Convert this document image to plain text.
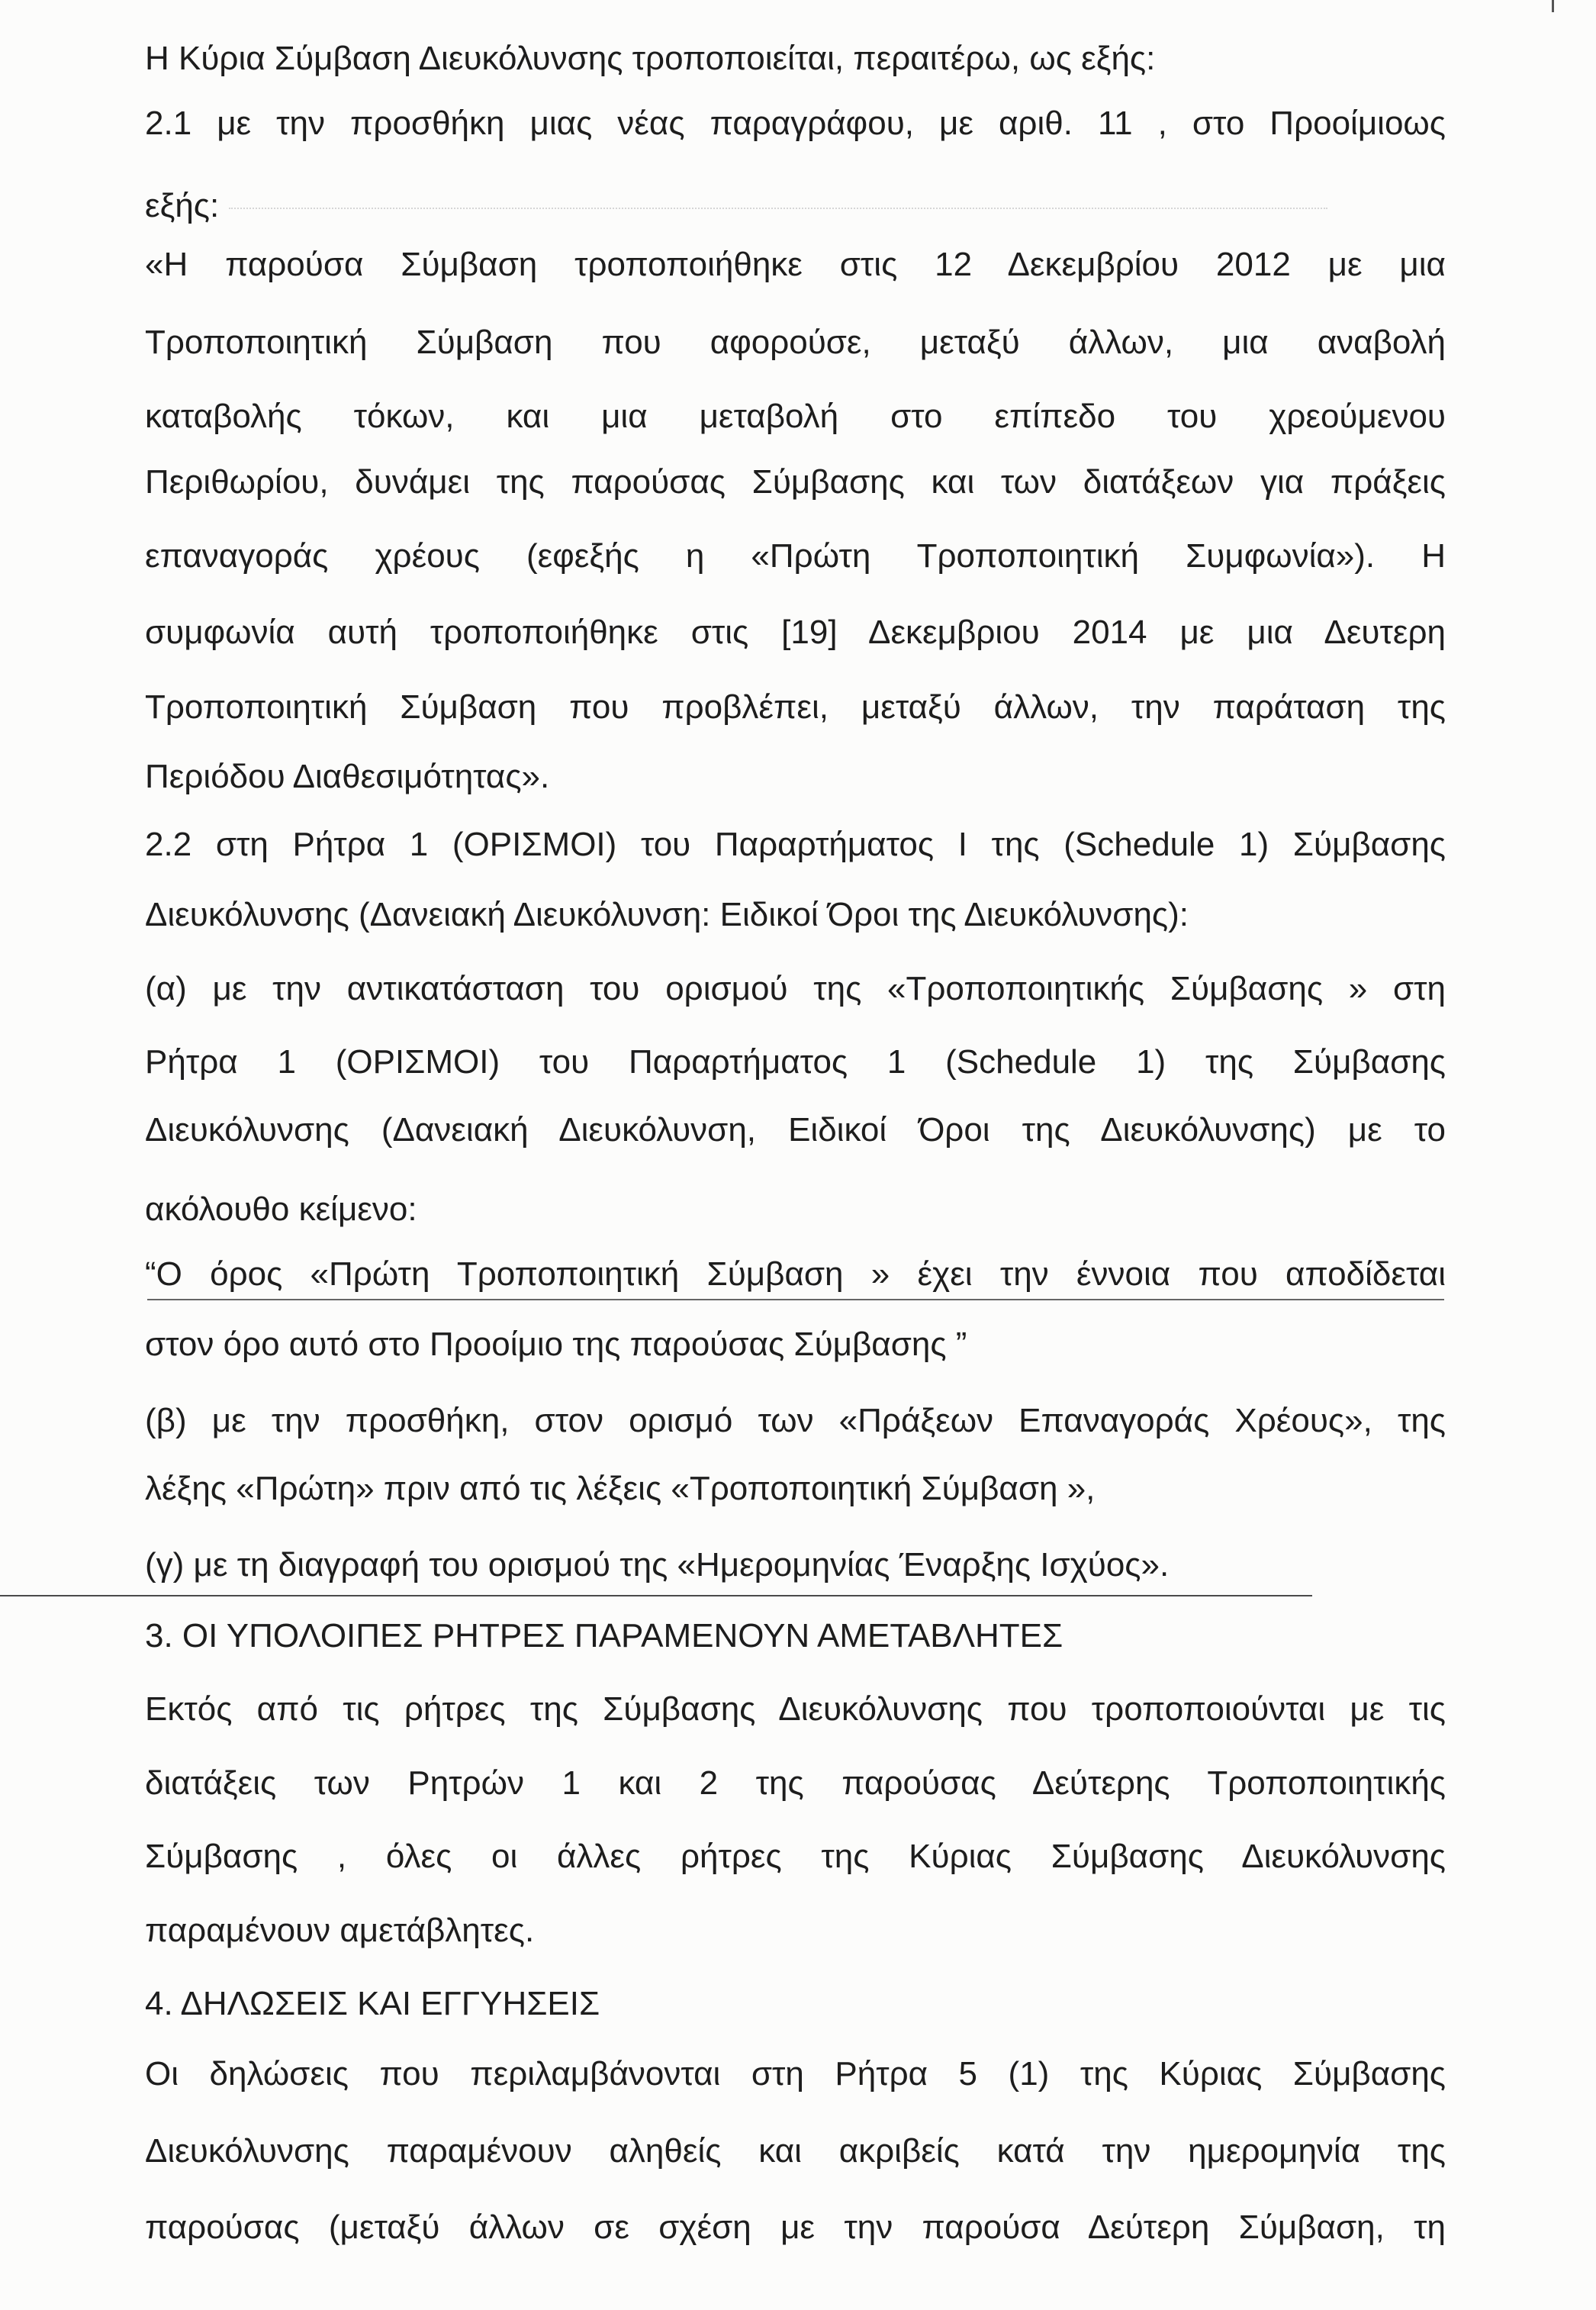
Η Κύρια Σύμβαση Διευκόλυνσης τροποποιείται, περαιτέρω, ως εξής:
2.1 με την προσθήκη μιας νέας παραγράφου, με αριθ. 11 , στο Προοίμιοως
εξής:
«Η παρούσα Σύμβαση τροποποιήθηκε στις 12 Δεκεμβρίου 2012 με μια
Τροποποιητική Σύμβαση που αφορούσε, μεταξύ άλλων, μια αναβολή
καταβολής τόκων, και μια μεταβολή στο επίπεδο του χρεούμενου
Περιθωρίου, δυνάμει της παρούσας Σύμβασης και των διατάξεων για πράξεις
επαναγοράς χρέους (εφεξής η «Πρώτη Τροποποιητική Συμφωνία»). Η
συμφωνία αυτή τροποποιήθηκε στις [19] Δεκεμβριου 2014 με μια Δευτερη
Τροποποιητική Σύμβαση που προβλέπει, μεταξύ άλλων, την παράταση της
Περιόδου Διαθεσιμότητας».
2.2 στη Ρήτρα 1 (ΟΡΙΣΜΟΙ) του Παραρτήματος Ι της (Schedule 1) Σύμβασης
Διευκόλυνσης (Δανειακή Διευκόλυνση: Ειδικοί Όροι της Διευκόλυνσης):
(α) με την αντικατάσταση του ορισμού της «Τροποποιητικής Σύμβασης » στη
Ρήτρα 1 (ΟΡΙΣΜΟΙ) του Παραρτήματος 1 (Schedule 1) της Σύμβασης
Διευκόλυνσης (Δανειακή Διευκόλυνση, Ειδικοί Όροι της Διευκόλυνσης) με το
ακόλουθο κείμενο:
“Ο όρος «Πρώτη Τροποποιητική Σύμβαση » έχει την έννοια που αποδίδεται
στον όρο αυτό στο Προοίμιο της παρούσας Σύμβασης ”
(β) με την προσθήκη, στον ορισμό των «Πράξεων Επαναγοράς Χρέους», της
λέξης «Πρώτη» πριν από τις λέξεις «Τροποποιητική Σύμβαση »,
(γ) με τη διαγραφή του ορισμού της «Ημερομηνίας Έναρξης Ισχύος».
3. ΟΙ ΥΠΟΛΟΙΠΕΣ ΡΗΤΡΕΣ ΠΑΡΑΜΕΝΟΥΝ ΑΜΕΤΑΒΛΗΤΕΣ
Εκτός από τις ρήτρες της Σύμβασης Διευκόλυνσης που τροποποιούνται με τις
διατάξεις των Ρητρών 1 και 2 της παρούσας Δεύτερης Τροποποιητικής
Σύμβασης , όλες οι άλλες ρήτρες της Κύριας Σύμβασης Διευκόλυνσης
παραμένουν αμετάβλητες.
4. ΔΗΛΩΣΕΙΣ ΚΑΙ ΕΓΓΥΗΣΕΙΣ
Οι δηλώσεις που περιλαμβάνονται στη Ρήτρα 5 (1) της Κύριας Σύμβασης
Διευκόλυνσης παραμένουν αληθείς και ακριβείς κατά την ημερομηνία της
παρούσας (μεταξύ άλλων σε σχέση με την παρούσα Δεύτερη Σύμβαση, τη
